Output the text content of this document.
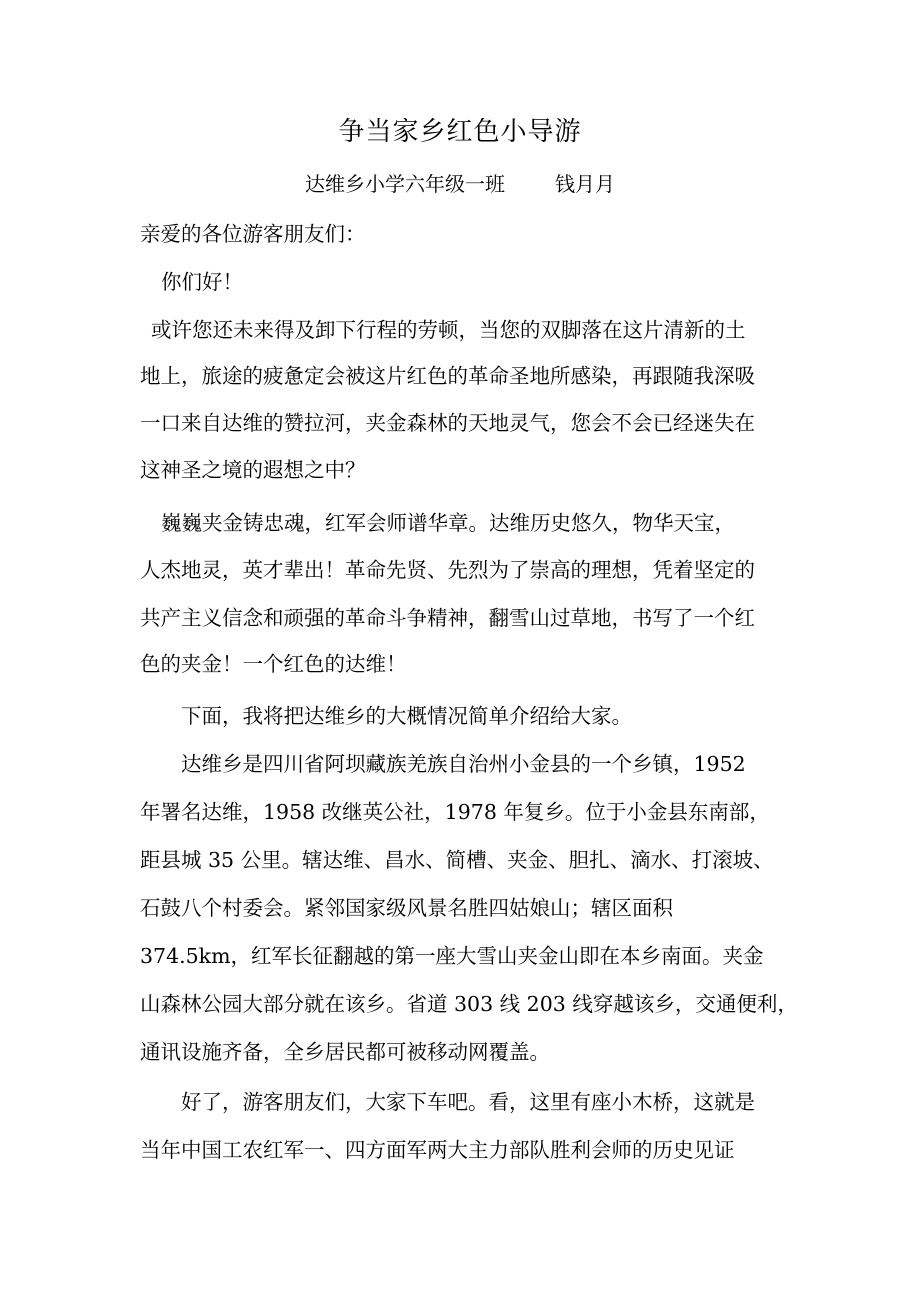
争当家乡红色小导游
达维乡小学六年级一班	钱月月
亲爱的各位游客朋友们：
你们好！
或许您还未来得及卸下行程的劳顿，当您的双脚落在这片清新的土
地上，旅途的疲惫定会被这片红色的革命圣地所感染，再跟随我深吸
一口来自达维的赞拉河，夹金森林的天地灵气，您会不会已经迷失在
这神圣之境的遐想之中？
巍巍夹金铸忠魂，红军会师谱华章。达维历史悠久，物华天宝，
人杰地灵，英才辈出！革命先贤、先烈为了崇高的理想，凭着坚定的
共产主义信念和顽强的革命斗争精神，翻雪山过草地，书写了一个红
色的夹金！一个红色的达维！
下面，我将把达维乡的大概情况简单介绍给大家。
达维乡是四川省阿坝藏族羌族自治州小金县的一个乡镇，1952
年署名达维，1958 改继英公社，1978 年复乡。位于小金县东南部，
距县城 35 公里。辖达维、昌水、简槽、夹金、胆扎、滴水、打滚坡、
石鼓八个村委会。紧邻国家级风景名胜四姑娘山；辖区面积
374.5km，红军长征翻越的第一座大雪山夹金山即在本乡南面。夹金
山森林公园大部分就在该乡。省道 303 线 203 线穿越该乡，交通便利，
通讯设施齐备，全乡居民都可被移动网覆盖。
好了，游客朋友们，大家下车吧。看，这里有座小木桥，这就是
当年中国工农红军一、四方面军两大主力部队胜利会师的历史见证
